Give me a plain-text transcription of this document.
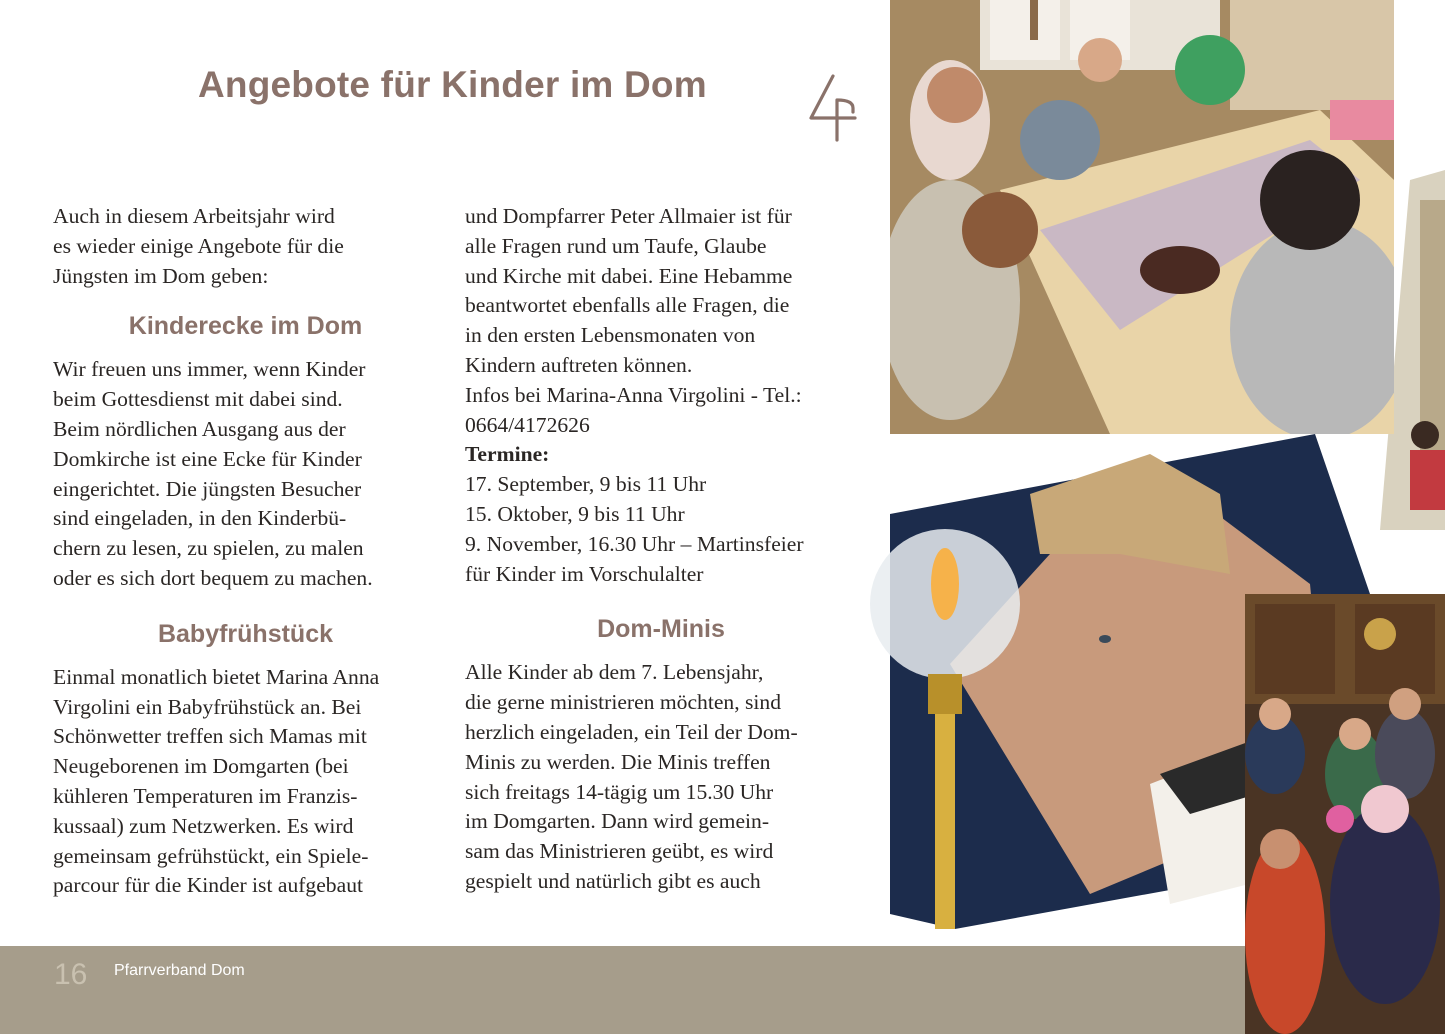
Angebote für Kinder im Dom

Auch in diesem Arbeitsjahr wird

es wieder einige Angebote für die

Jüngsten im Dom geben:

Kinderecke im Dom

Wir freuen uns immer, wenn Kinder

beim Gottesdienst mit dabei sind.

Beim nördlichen Ausgang aus der

Domkirche ist eine Ecke für Kinder

eingerichtet. Die jüngsten Besucher

sind eingeladen, in den Kinderbü-

chern zu lesen, zu spielen, zu malen

oder es sich dort bequem zu machen.

Babyfrühstück

Einmal monatlich bietet Marina Anna

Virgolini ein Babyfrühstück an. Bei

Schönwetter treffen sich Mamas mit

Neugeborenen im Domgarten (bei

kühleren Temperaturen im Franzis-

kussaal) zum Netzwerken. Es wird

gemeinsam gefrühstückt, ein Spiele-

parcour für die Kinder ist aufgebaut

und Dompfarrer Peter Allmaier ist für

alle Fragen rund um Taufe, Glaube

und Kirche mit dabei. Eine Hebamme

beantwortet ebenfalls alle Fragen, die

in den ersten Lebensmonaten von

Kindern auftreten können.

Infos bei Marina-Anna Virgolini - Tel.:

0664/4172626

Termine:

17. September, 9 bis 11 Uhr

15. Oktober, 9 bis 11 Uhr

9. November, 16.30 Uhr – Martinsfeier

für Kinder im Vorschulalter

Dom-Minis

Alle Kinder ab dem 7. Lebensjahr,

die gerne ministrieren möchten, sind

herzlich eingeladen, ein Teil der Dom-

Minis zu werden. Die Minis treffen

sich freitags 14-tägig um 15.30 Uhr

im Domgarten. Dann wird gemein-

sam das Ministrieren geübt, es wird

gespielt und natürlich gibt es auch

16 Pfarrverband Dom
